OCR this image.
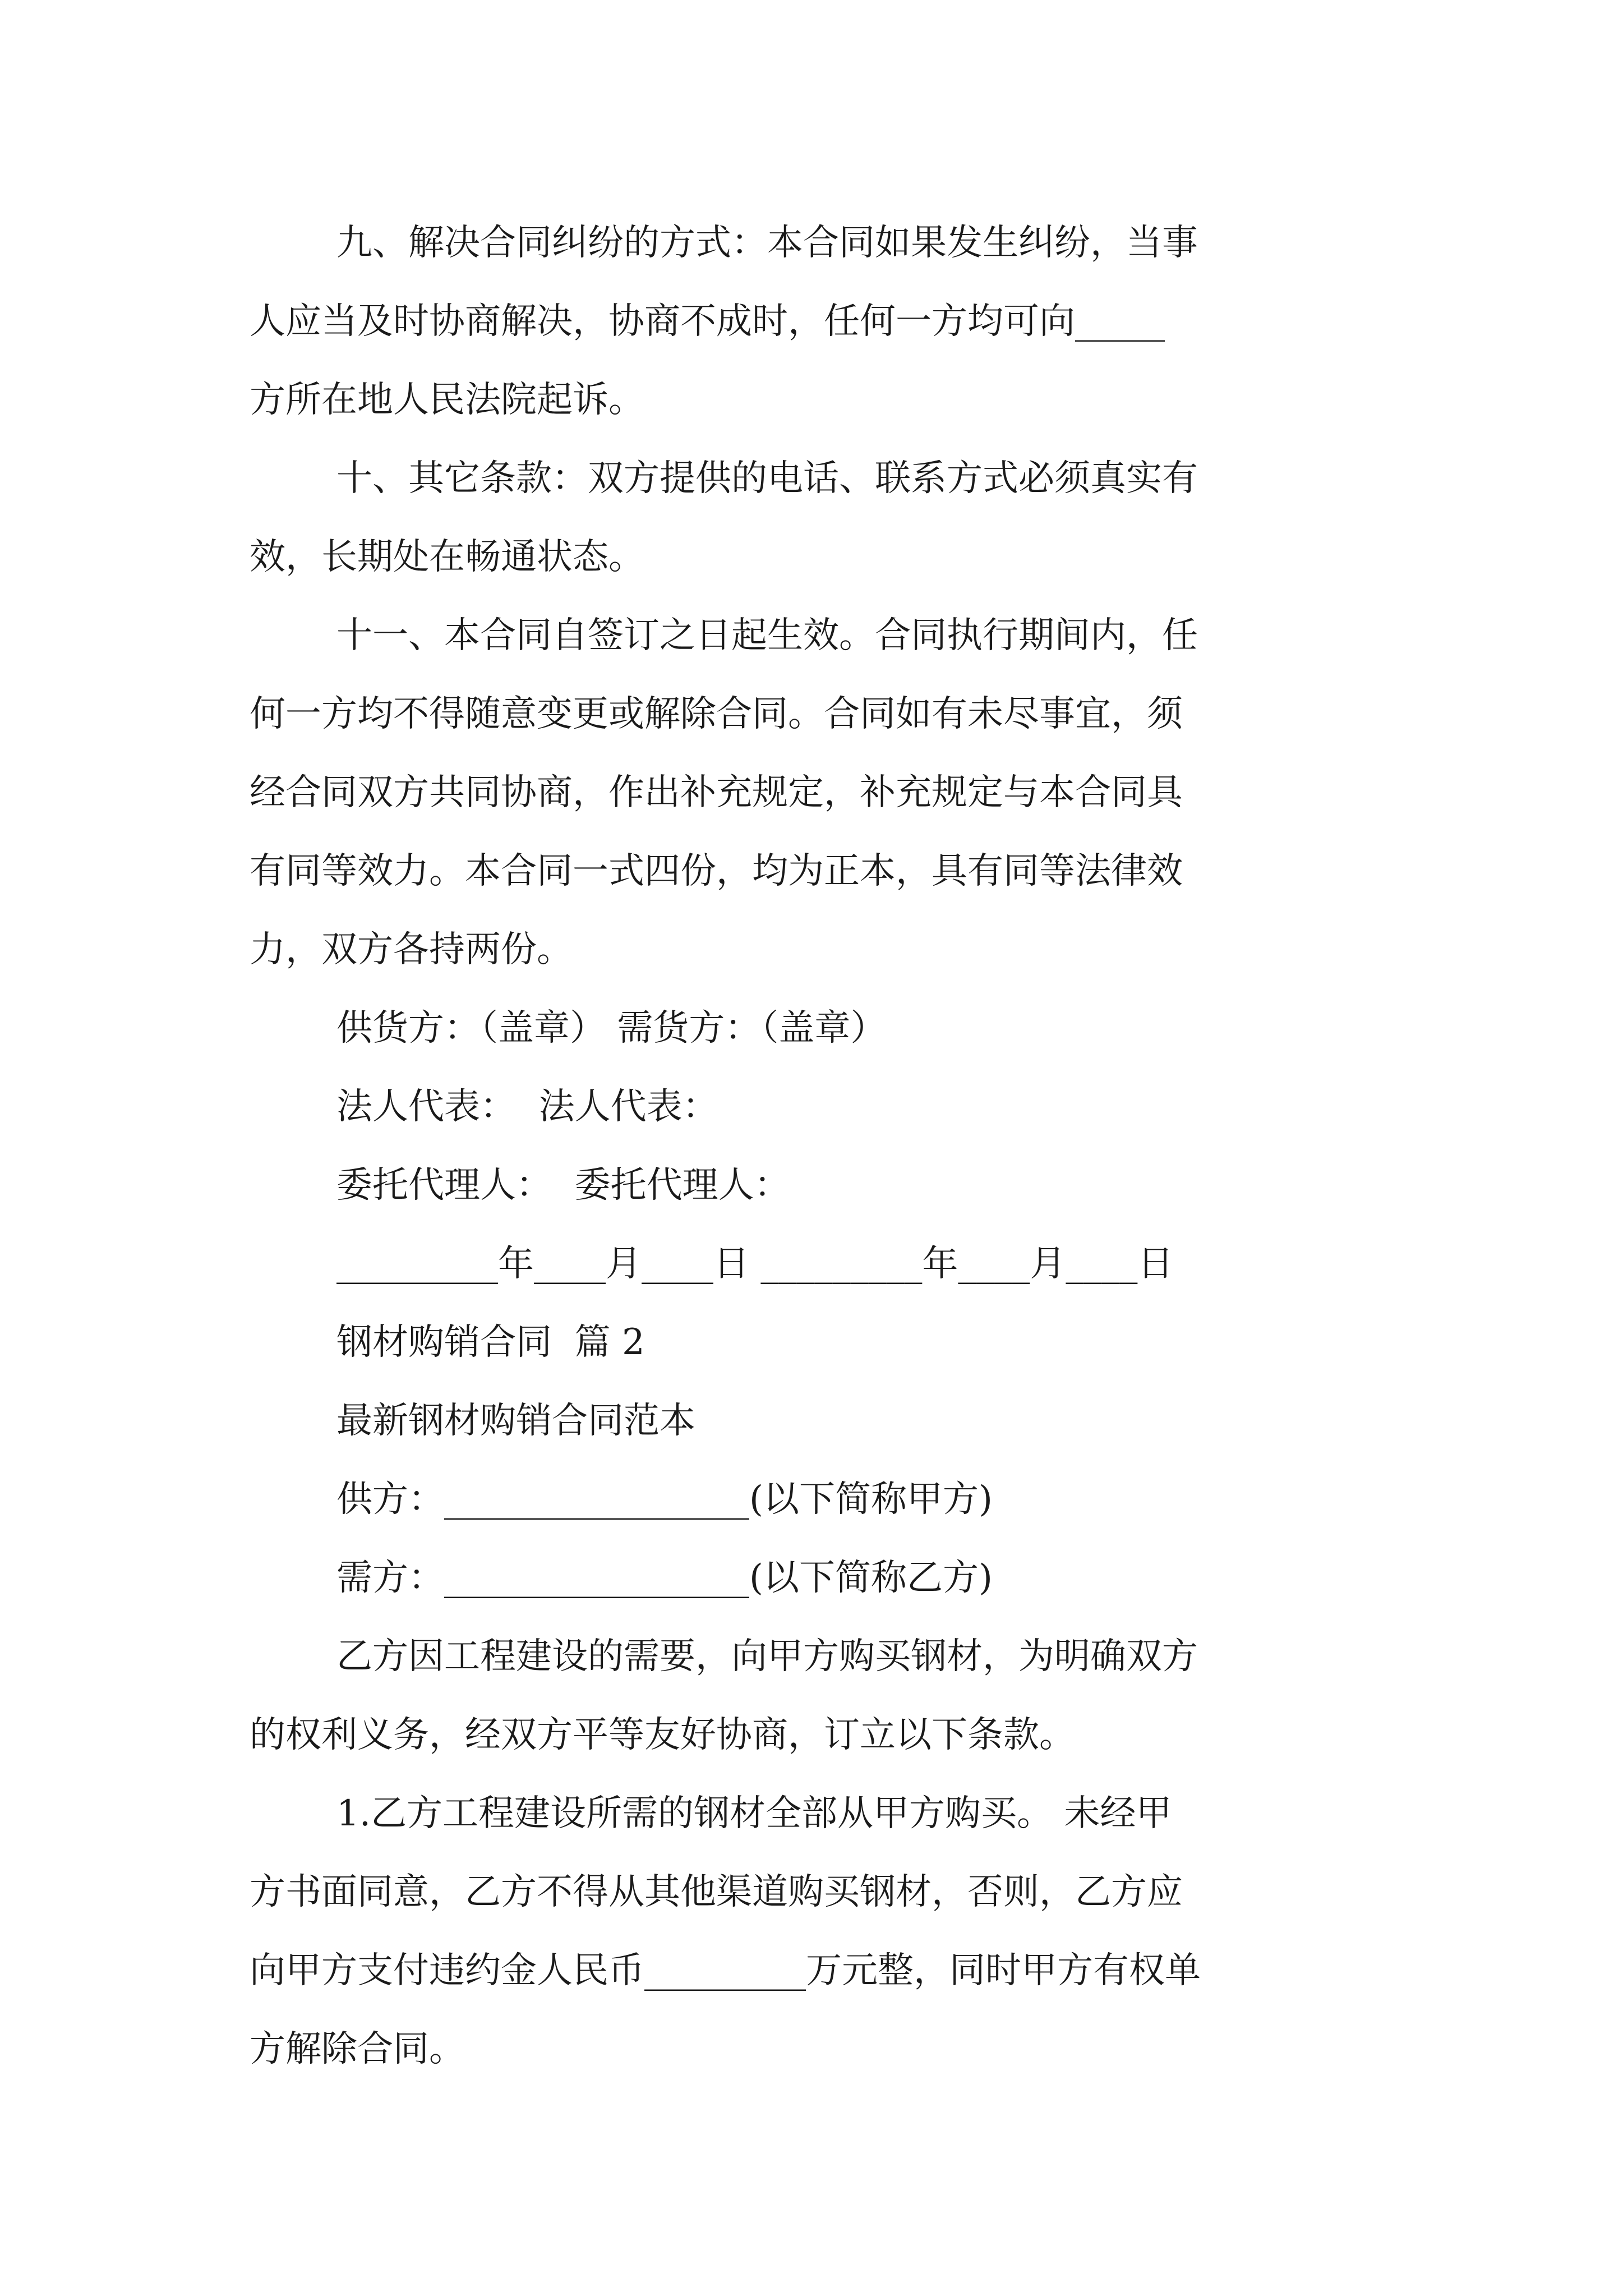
九、解决合同纠纷的方式：本合同如果发生纠纷，当事
人应当及时协商解决，协商不成时，任何一方均可向_____
方所在地人民法院起诉。
十、其它条款：双方提供的电话、联系方式必须真实有
效，长期处在畅通状态。
十一、本合同自签订之日起生效。合同执行期间内，任
何一方均不得随意变更或解除合同。合同如有未尽事宜，须
经合同双方共同协商，作出补充规定，补充规定与本合同具
有同等效力。本合同一式四份，均为正本，具有同等法律效
力，双方各持两份。
供货方：（盖章） 需货方：（盖章）
法人代表：  法人代表：
委托代理人：  委托代理人：
_________年____月____日 _________年____月____日
钢材购销合同  篇 2
最新钢材购销合同范本
供方：_________________(以下简称甲方)
需方：_________________(以下简称乙方)
乙方因工程建设的需要，向甲方购买钢材，为明确双方
的权利义务，经双方平等友好协商，订立以下条款。
1.乙方工程建设所需的钢材全部从甲方购买。 未经甲
方书面同意，乙方不得从其他渠道购买钢材，否则，乙方应
向甲方支付违约金人民币_________万元整，同时甲方有权单
方解除合同。
